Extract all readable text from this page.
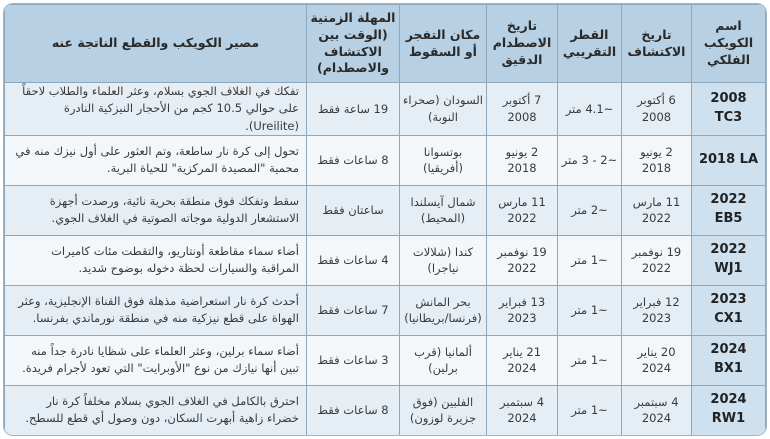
اسم الكويكب الفلكي	تاريخ الاكتشاف	القطر التقريبي	تاريخ الاصطدام الدقيق	مكان التفجر أو السقوط	المهلة الزمنية (الوقت بين الاكتشاف والاصطدام)	مصير الكويكب والقطع الناتجة عنه
2008 TC3	6 أكتوبر 2008	~4.1 متر	7 أكتوبر 2008	السودان (صحراء النوبة)	19 ساعة فقط	تفكك في الغلاف الجوي بسلام، وعثر العلماء والطلاب لاحقاً على حوالي 10.5 كجم من الأحجار النيزكية النادرة (Ureilite).
2018 LA	2 يونيو 2018	~2 - 3 متر	2 يونيو 2018	بوتسوانا (أفريقيا)	8 ساعات فقط	تحول إلى كرة نار ساطعة، وتم العثور على أول نيزك منه في محمية "المصيدة المركزية" للحياة البرية.
2022 EB5	11 مارس 2022	~2 متر	11 مارس 2022	شمال آيسلندا (المحيط)	ساعتان فقط	سقط وتفكك فوق منطقة بحرية نائية، ورصدت أجهزة الاستشعار الدولية موجاته الصوتية في الغلاف الجوي.
2022 WJ1	19 نوفمبر 2022	~1 متر	19 نوفمبر 2022	كندا (شلالات نياجرا)	4 ساعات فقط	أضاء سماء مقاطعة أونتاريو، والتقطت مئات كاميرات المراقبة والسيارات لحظة دخوله بوضوح شديد.
2023 CX1	12 فبراير 2023	~1 متر	13 فبراير 2023	بحر المانش (فرنسا/بريطانيا)	7 ساعات فقط	أحدث كرة نار استعراضية مذهلة فوق القناة الإنجليزية، وعثر الهواة على قطع نيزكية منه في منطقة نورماندي بفرنسا.
2024 BX1	20 يناير 2024	~1 متر	21 يناير 2024	ألمانيا (قرب برلين)	3 ساعات فقط	أضاء سماء برلين، وعثر العلماء على شظايا نادرة جداً منه تبين أنها نيازك من نوع "الأوبرايت" التي تعود لأجرام فريدة.
2024 RW1	4 سبتمبر 2024	~1 متر	4 سبتمبر 2024	الفلبين (فوق جزيرة لوزون)	8 ساعات فقط	احترق بالكامل في الغلاف الجوي بسلام مخلفاً كرة نار خضراء زاهية أبهرت السكان، دون وصول أي قطع للسطح.
